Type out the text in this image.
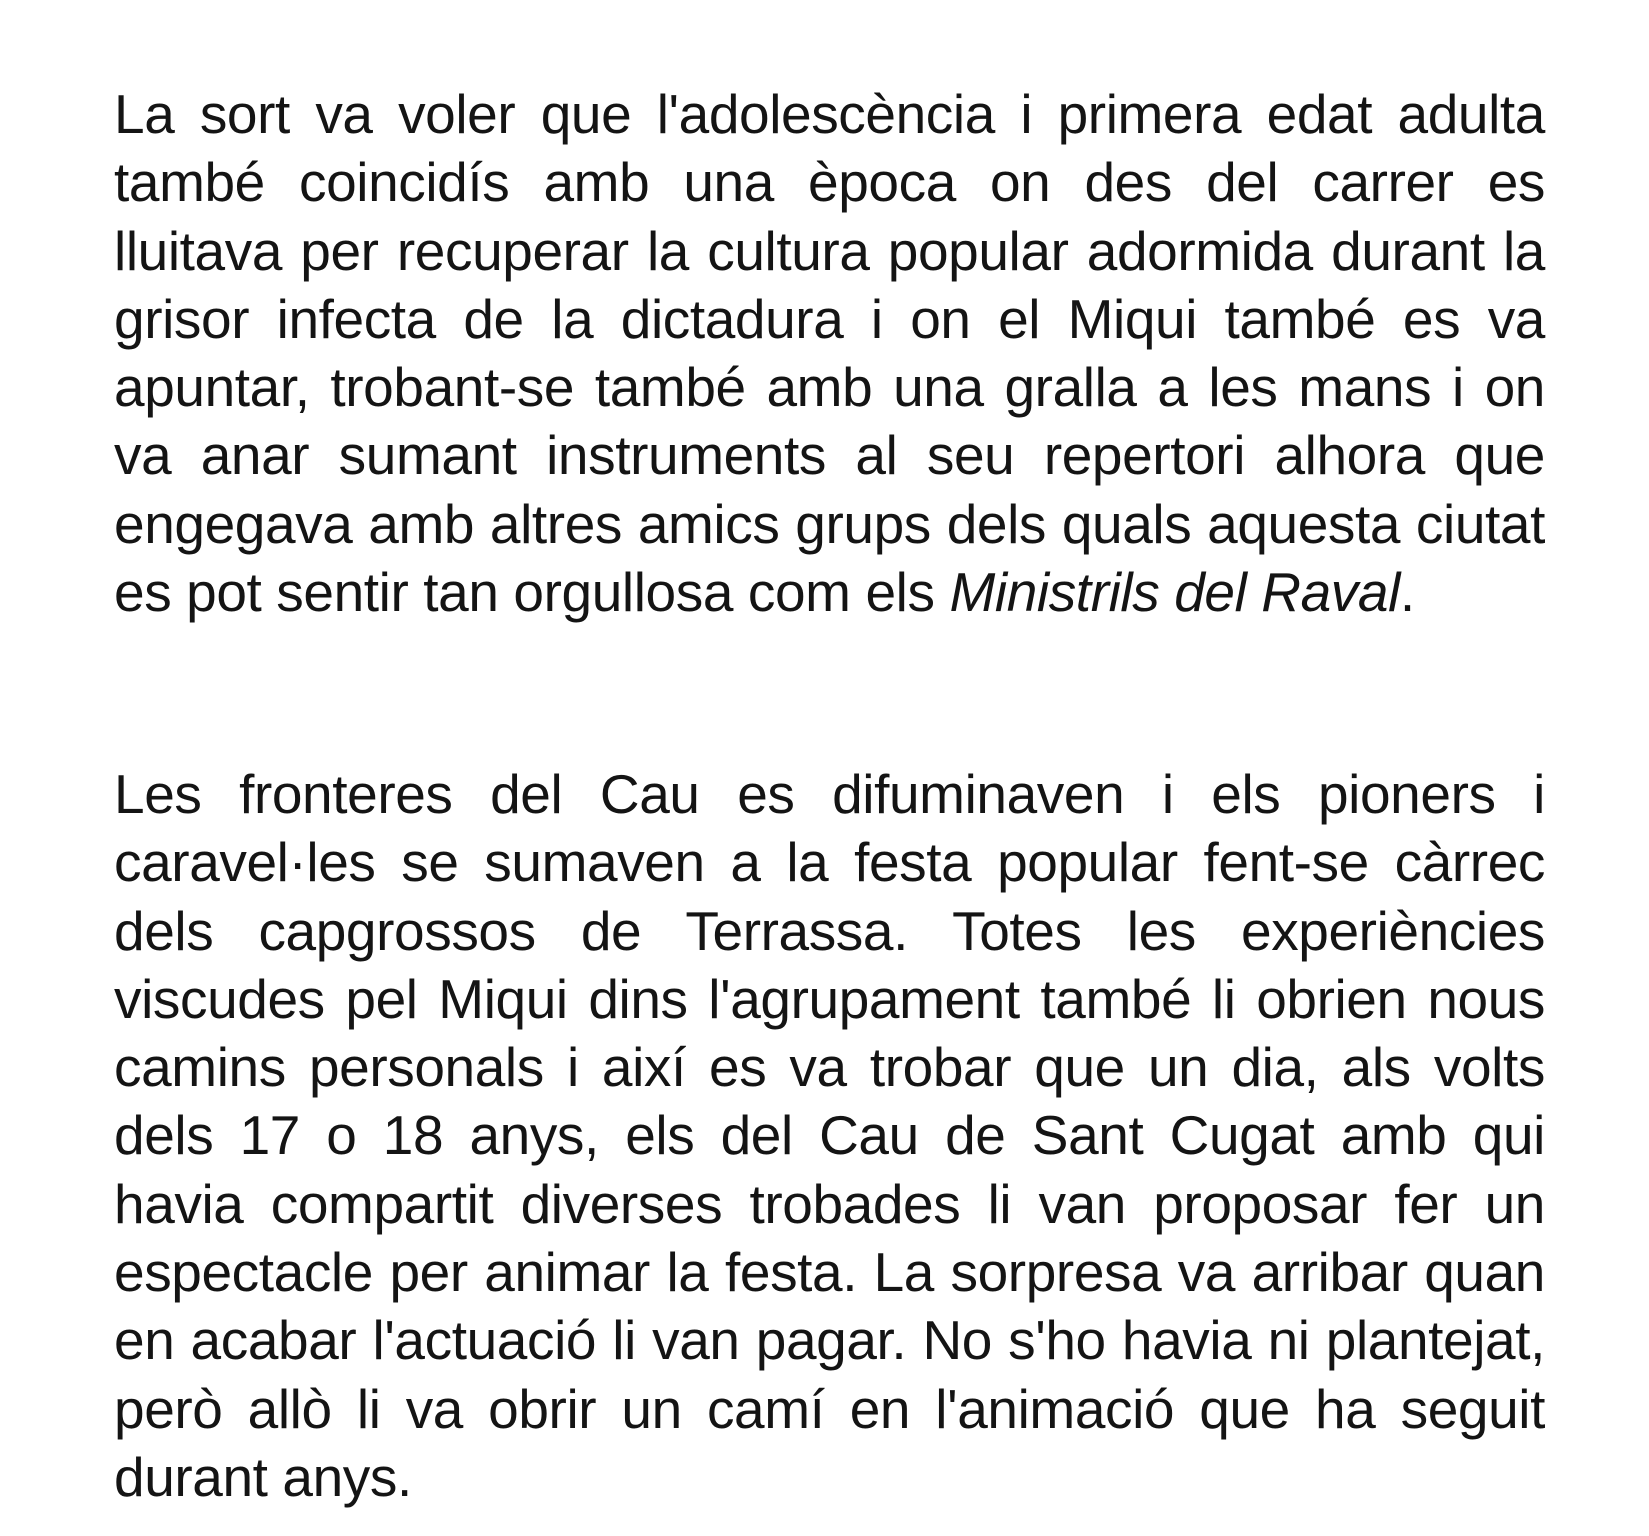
La sort va voler que l'adolescència i primera edat adulta també coincidís amb una època on des del carrer es lluitava per recuperar la cultura popular adormida durant la grisor infecta de la dictadura i on el Miqui també es va apuntar, trobant-se també amb una gralla a les mans i on va anar sumant instruments al seu repertori alhora que engegava amb altres amics grups dels quals aquesta ciutat es pot sentir tan orgullosa com els Ministrils del Raval.

Les fronteres del Cau es difuminaven i els pioners i caravel·les se sumaven a la festa popular fent-se càrrec dels capgrossos de Terrassa. Totes les experiències viscudes pel Miqui dins l'agrupament també li obrien nous camins personals i així es va trobar que un dia, als volts dels 17 o 18 anys, els del Cau de Sant Cugat amb qui havia compartit diverses trobades li van proposar fer un espectacle per animar la festa. La sorpresa va arribar quan en acabar l'actuació li van pagar. No s'ho havia ni plantejat, però allò li va obrir un camí en l'animació que ha seguit durant anys.
